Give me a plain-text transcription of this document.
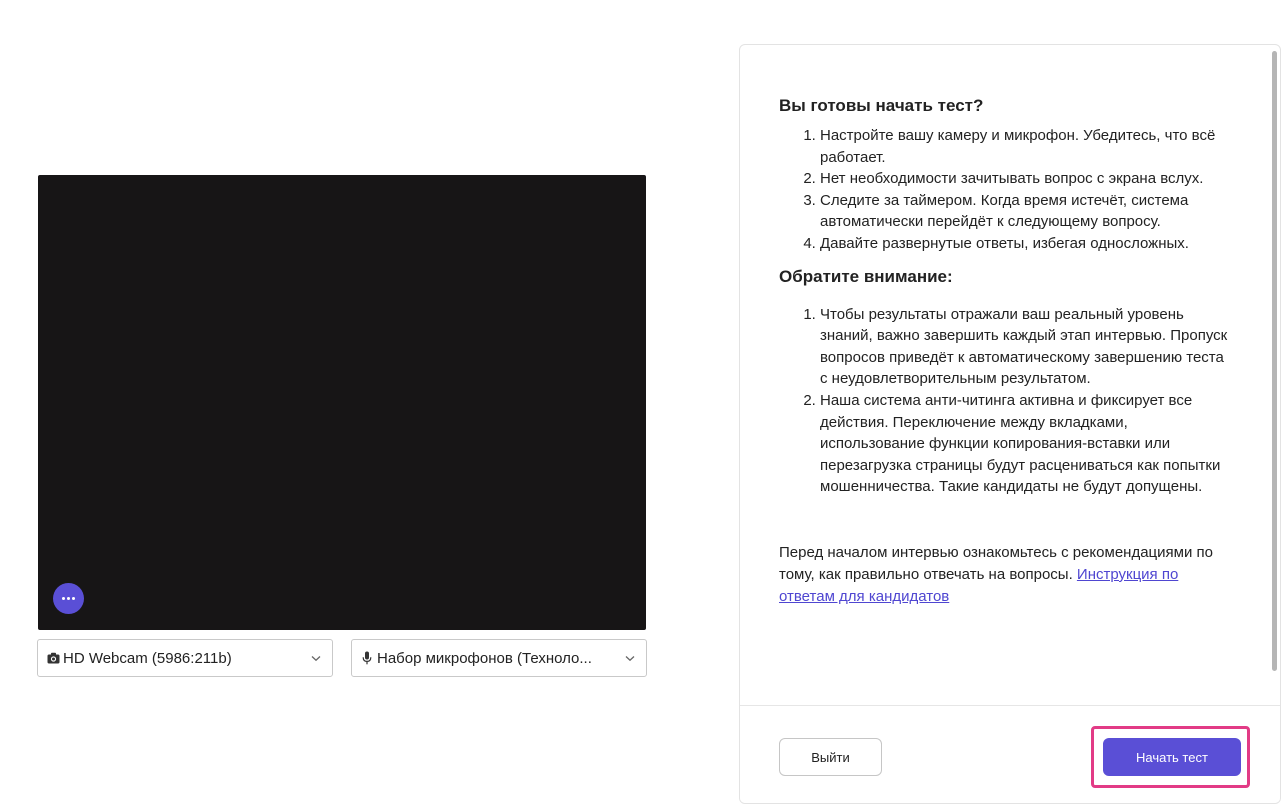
HD Webcam (5986:211b)	Набор микрофонов (Техноло...
Вы готовы начать тест?
1. Настройте вашу камеру и микрофон. Убедитесь, что всё работает.
2. Нет необходимости зачитывать вопрос с экрана вслух.
3. Следите за таймером. Когда время истечёт, система автоматически перейдёт к следующему вопросу.
4. Давайте развернутые ответы, избегая односложных.
Обратите внимание:
1. Чтобы результаты отражали ваш реальный уровень знаний, важно завершить каждый этап интервью. Пропуск вопросов приведёт к автоматическому завершению теста с неудовлетворительным результатом.
2. Наша система анти-читинга активна и фиксирует все действия. Переключение между вкладками, использование функции копирования-вставки или перезагрузка страницы будут расцениваться как попытки мошенничества. Такие кандидаты не будут допущены.

Перед началом интервью ознакомьтесь с рекомендациями по тому, как правильно отвечать на вопросы. Инструкция по ответам для кандидатов

Выйти	Начать тест
